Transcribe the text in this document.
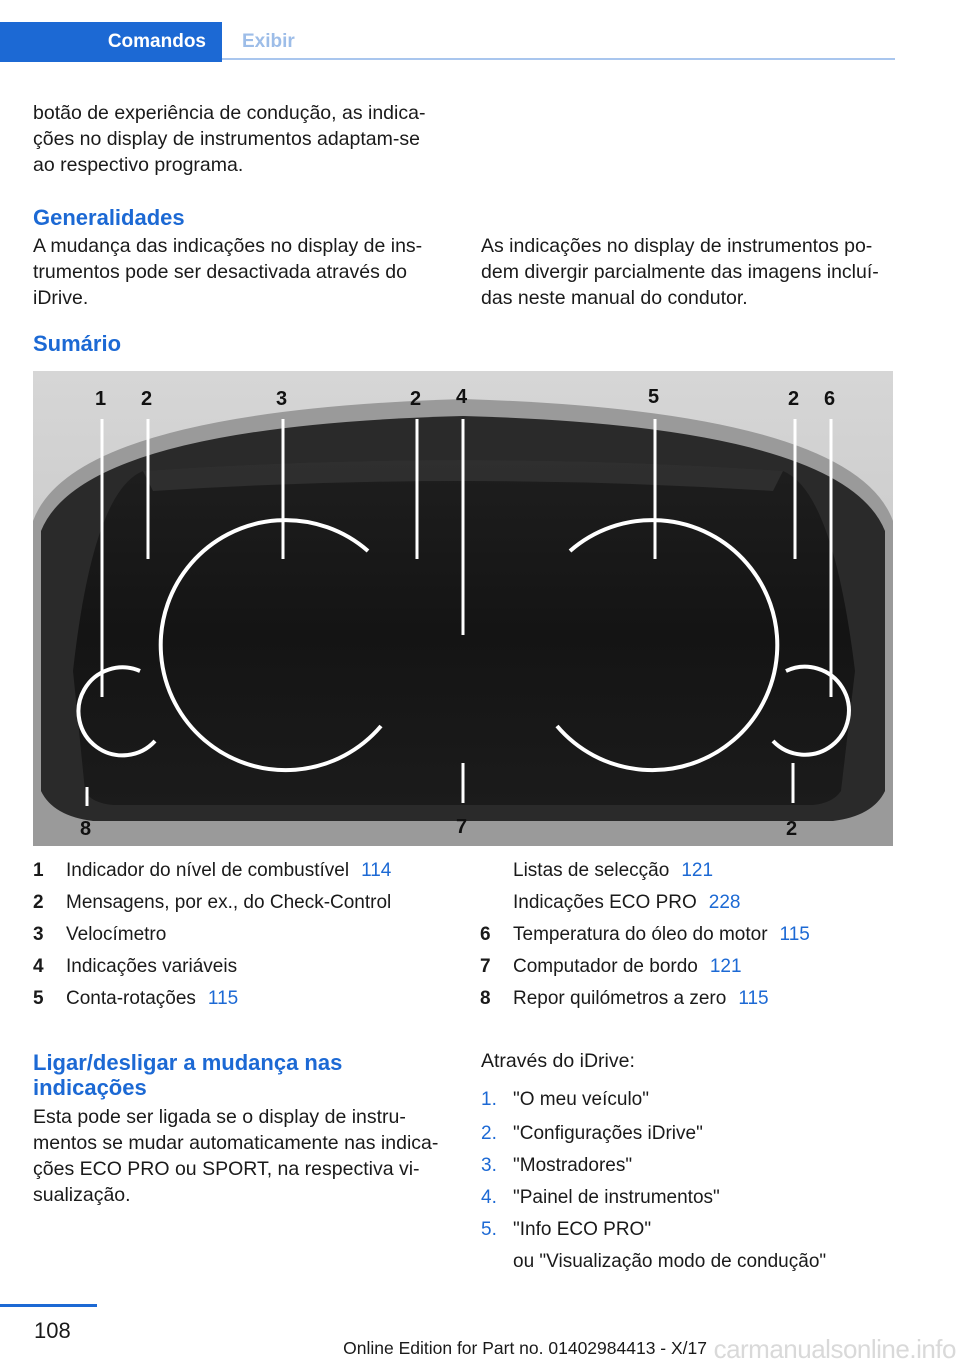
Comandos	Exibir
botão de experiência de condução, as indica-ções no display de instrumentos adaptam-se ao respectivo programa.
Generalidades
A mudança das indicações no display de ins-trumentos pode ser desactivada através do iDrive.
As indicações no display de instrumentos po-dem divergir parcialmente das imagens incluí-das neste manual do condutor.
Sumário
1 2	3	2 4	5	2 6
8	7	2
1 Indicador do nível de combustível 114
2 Mensagens, por ex., do Check-Control
3 Velocímetro
4 Indicações variáveis
5 Conta-rotações 115
Listas de selecção 121
Indicações ECO PRO 228
6 Temperatura do óleo do motor 115
7 Computador de bordo 121
8 Repor quilómetros a zero 115
Ligar/desligar a mudança nas
indicações
Esta pode ser ligada se o display de instru-mentos se mudar automaticamente nas indica-ções ECO PRO ou SPORT, na respectiva vi-sualização.
Através do iDrive:
1. "O meu veículo"
2. "Configurações iDrive"
3. "Mostradores"
4. "Painel de instrumentos"
5. "Info ECO PRO"
ou "Visualização modo de condução"
108
Online Edition for Part no. 01402984413 - X/17 carmanualsonline.info
